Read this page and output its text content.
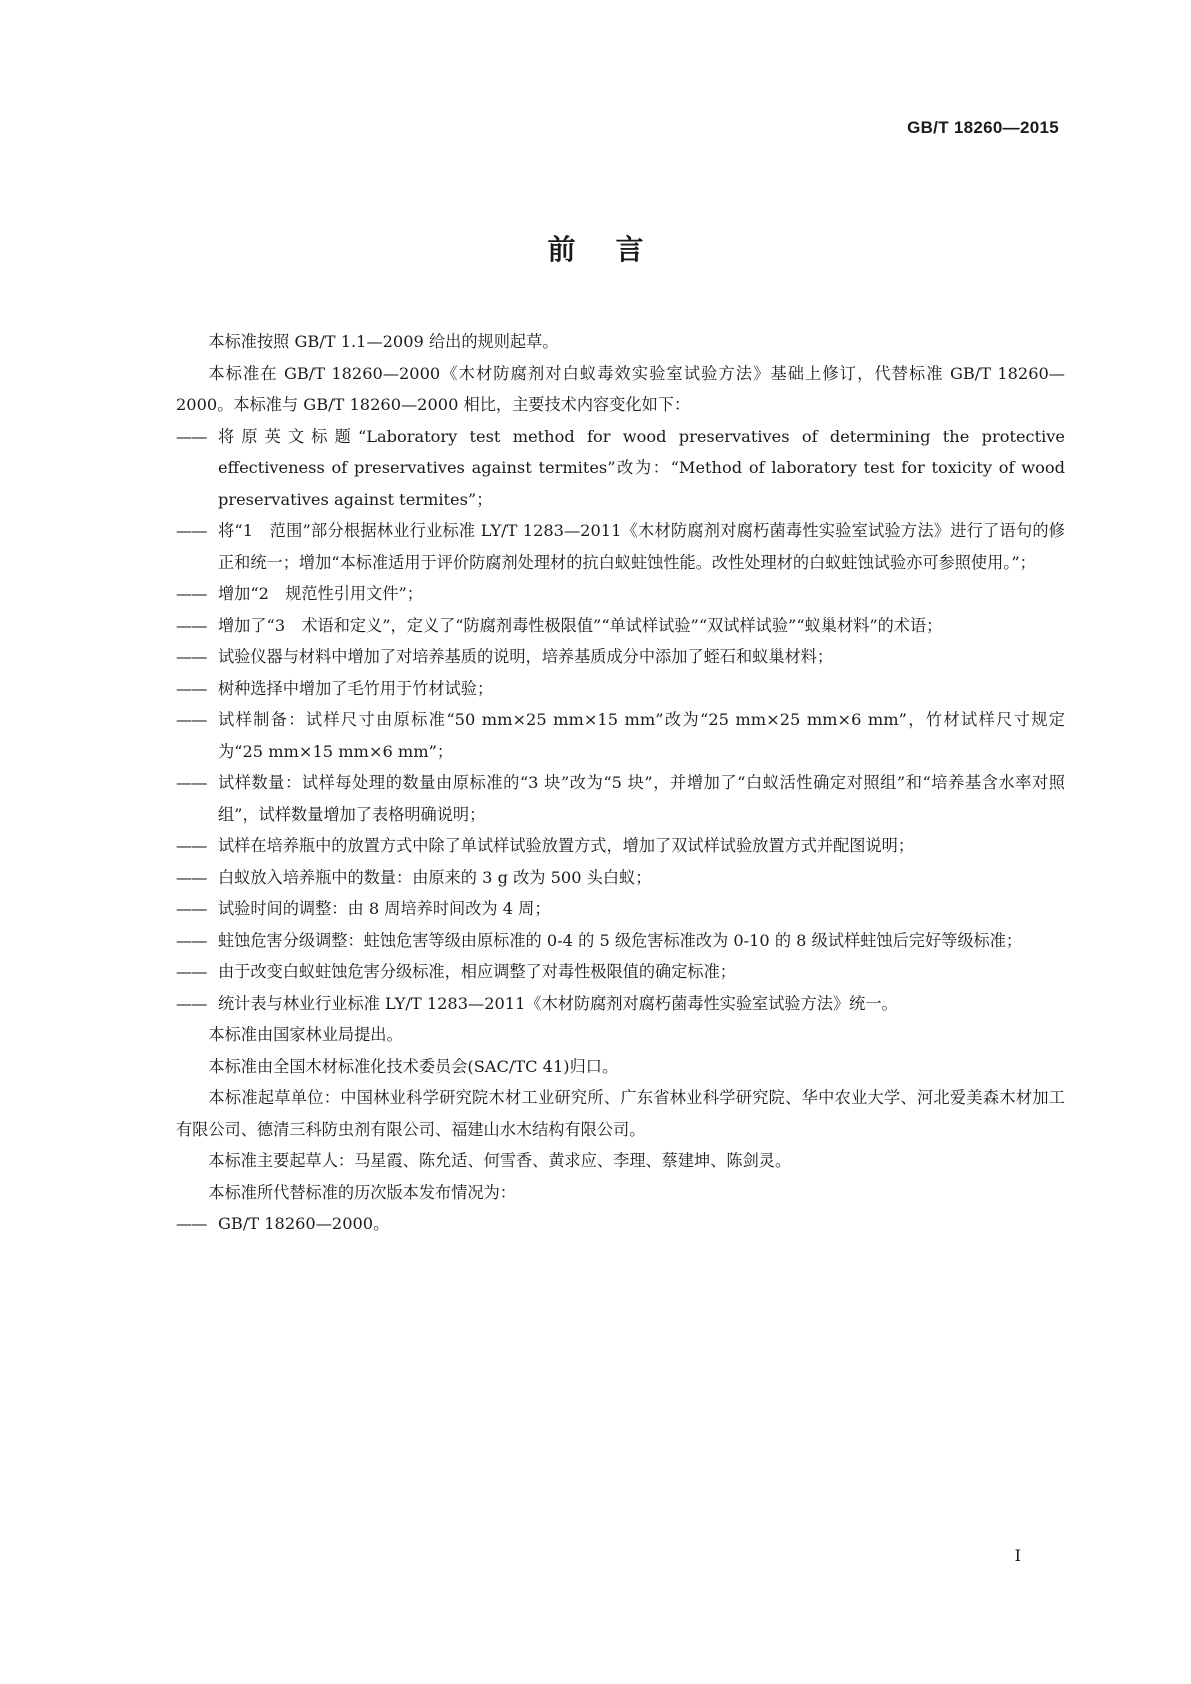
GB/T 18260—2015
前言

本标准按照 GB/T 1.1—2009 给出的规则起草。

本标准在 GB/T 18260—2000《木材防腐剂对白蚁毒效实验室试验方法》基础上修订，代替标准 GB/T 18260—2000。本标准与 GB/T 18260—2000 相比，主要技术内容变化如下：

—— 将原英文标题“Laboratory test method for wood preservatives of determining the protective effectiveness of preservatives against termites”改为：“Method of laboratory test for toxicity of wood preservatives against termites”；
—— 将“1　范围”部分根据林业行业标准 LY/T 1283—2011《木材防腐剂对腐朽菌毒性实验室试验方法》进行了语句的修正和统一；增加“本标准适用于评价防腐剂处理材的抗白蚁蛀蚀性能。改性处理材的白蚁蛀蚀试验亦可参照使用。”；
—— 增加“2　规范性引用文件”；
—— 增加了“3　术语和定义”，定义了“防腐剂毒性极限值”“单试样试验”“双试样试验”“蚁巢材料”的术语；
—— 试验仪器与材料中增加了对培养基质的说明，培养基质成分中添加了蛭石和蚁巢材料；
—— 树种选择中增加了毛竹用于竹材试验；
—— 试样制备：试样尺寸由原标准“50 mm×25 mm×15 mm”改为“25 mm×25 mm×6 mm”，竹材试样尺寸规定为“25 mm×15 mm×6 mm”；
—— 试样数量：试样每处理的数量由原标准的“3 块”改为“5 块”，并增加了“白蚁活性确定对照组”和“培养基含水率对照组”，试样数量增加了表格明确说明；
—— 试样在培养瓶中的放置方式中除了单试样试验放置方式，增加了双试样试验放置方式并配图说明；
—— 白蚁放入培养瓶中的数量：由原来的 3 g 改为 500 头白蚁；
—— 试验时间的调整：由 8 周培养时间改为 4 周；
—— 蛀蚀危害分级调整：蛀蚀危害等级由原标准的 0-4 的 5 级危害标准改为 0-10 的 8 级试样蛀蚀后完好等级标准；
—— 由于改变白蚁蛀蚀危害分级标准，相应调整了对毒性极限值的确定标准；
—— 统计表与林业行业标准 LY/T 1283—2011《木材防腐剂对腐朽菌毒性实验室试验方法》统一。

本标准由国家林业局提出。

本标准由全国木材标准化技术委员会(SAC/TC 41)归口。

本标准起草单位：中国林业科学研究院木材工业研究所、广东省林业科学研究院、华中农业大学、河北爱美森木材加工有限公司、德清三科防虫剂有限公司、福建山水木结构有限公司。

本标准主要起草人：马星霞、陈允适、何雪香、黄求应、李理、蔡建坤、陈剑灵。

本标准所代替标准的历次版本发布情况为：

—— GB/T 18260—2000。
I
